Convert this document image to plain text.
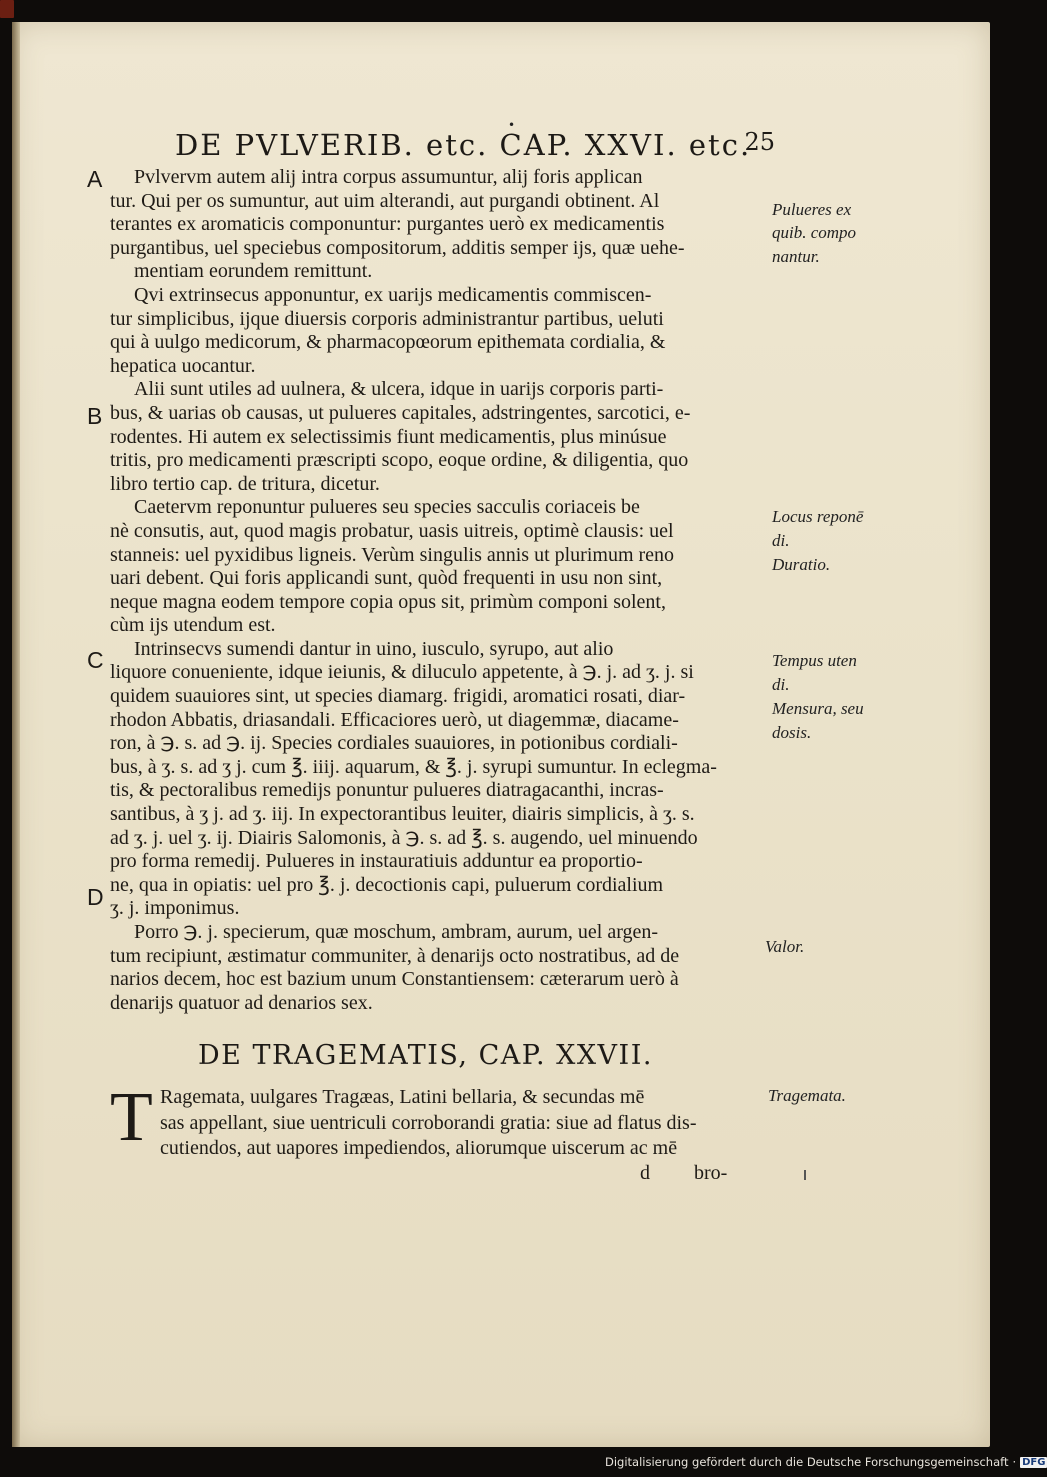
•
DE PVLVERIB. etc. CAP. XXVI. etc.
25
A
B
C
D
Pvlvervm autem alij intra corpus assumuntur, alij foris applican
tur. Qui per os sumuntur, aut uim alterandi, aut purgandi obtinent. Al
terantes ex aromaticis componuntur: purgantes uerò ex medicamentis
purgantibus, uel speciebus compositorum, additis semper ijs, quæ uehe-
mentiam eorundem remittunt.
Qvi extrinsecus apponuntur, ex uarijs medicamentis commiscen-
tur simplicibus, ijque diuersis corporis administrantur partibus, ueluti
qui à uulgo medicorum, & pharmacopœorum epithemata cordialia, &
hepatica uocantur.
Alii sunt utiles ad uulnera, & ulcera, idque in uarijs corporis parti-
bus, & uarias ob causas, ut pulueres capitales, adstringentes, sarcotici, e-
rodentes. Hi autem ex selectissimis fiunt medicamentis, plus minúsue
tritis, pro medicamenti præscripti scopo, eoque ordine, & diligentia, quo
libro tertio cap. de tritura, dicetur.
Caetervm reponuntur pulueres seu species sacculis coriaceis be
nè consutis, aut, quod magis probatur, uasis uitreis, optimè clausis: uel
stanneis: uel pyxidibus ligneis. Verùm singulis annis ut plurimum reno
uari debent. Qui foris applicandi sunt, quòd frequenti in usu non sint,
neque magna eodem tempore copia opus sit, primùm componi solent,
cùm ijs utendum est.
Intrinsecvs sumendi dantur in uino, iusculo, syrupo, aut alio
liquore conueniente, idque ieiunis, & diluculo appetente, à ℈. j. ad ʒ. j. si
quidem suauiores sint, ut species diamarg. frigidi, aromatici rosati, diar-
rhodon Abbatis, driasandali. Efficaciores uerò, ut diagemmæ, diacame-
ron, à ℈. s. ad ℈. ij. Species cordiales suauiores, in potionibus cordiali-
bus, à ʒ. s. ad ʒ j. cum ℥. iiij. aquarum, & ℥. j. syrupi sumuntur. In eclegma-
tis, & pectoralibus remedijs ponuntur pulueres diatragacanthi, incras-
santibus, à ʒ j. ad ʒ. iij. In expectorantibus leuiter, diairis simplicis, à ʒ. s.
ad ʒ. j. uel ʒ. ij. Diairis Salomonis, à ℈. s. ad ℥. s. augendo, uel minuendo
pro forma remedij. Pulueres in instauratiuis adduntur ea proportio-
ne, qua in opiatis: uel pro ℥. j. decoctionis capi, puluerum cordialium
ʒ. j. imponimus.
Porro ℈. j. specierum, quæ moschum, ambram, aurum, uel argen-
tum recipiunt, æstimatur communiter, à denarijs octo nostratibus, ad de
narios decem, hoc est bazium unum Constantiensem: cæterarum uerò à
denarijs quatuor ad denarios sex.
Pulueres ex
quib. compo
nantur.
Locus reponē
di.
Duratio.
Tempus uten
di.
Mensura, seu
dosis.
Valor.
Tragemata.
DE TRAGEMATIS, CAP. XXVII.
T Ragemata, uulgares Tragæas, Latini bellaria, & secundas mē
sas appellant, siue uentriculi corroborandi gratia: siue ad flatus dis-
cutiendos, aut uapores impediendos, aliorumque uiscerum ac mē
d bro-
Digitalisierung gefördert durch die Deutsche Forschungsgemeinschaft · DFG
